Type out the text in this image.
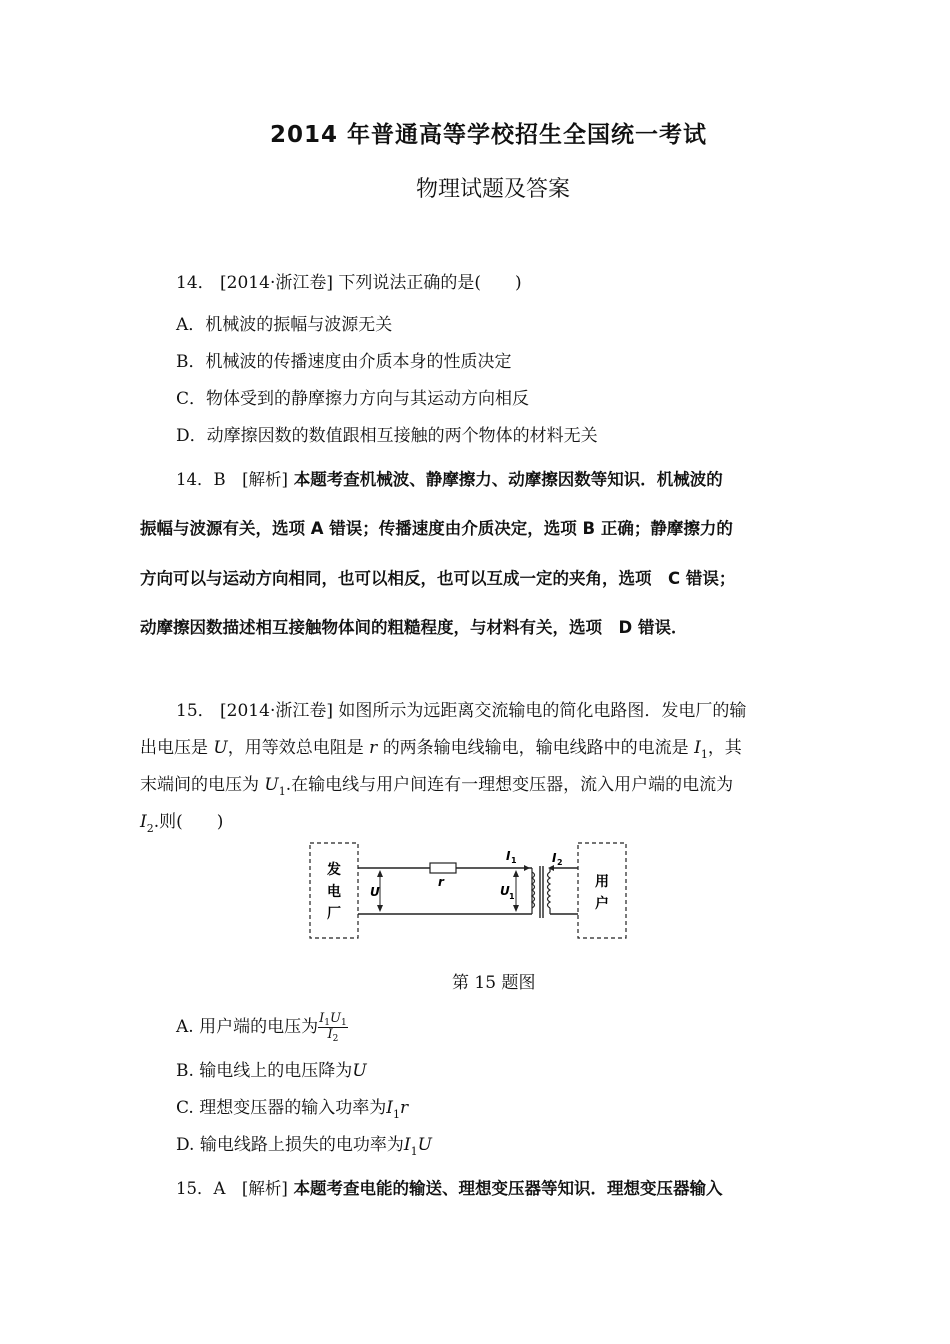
2014 年普通高等学校招生全国统一考试
物理试题及答案
14． [2014·浙江卷] 下列说法正确的是(　　)
A．机械波的振幅与波源无关
B．机械波的传播速度由介质本身的性质决定
C．物体受到的静摩擦力方向与其运动方向相反
D．动摩擦因数的数值跟相互接触的两个物体的材料无关
14．B　[解析] 本题考查机械波、静摩擦力、动摩擦因数等知识．机械波的
振幅与波源有关，选项 A 错误；传播速度由介质决定，选项 B 正确；静摩擦力的
方向可以与运动方向相同，也可以相反，也可以互成一定的夹角，选项　C 错误；
动摩擦因数描述相互接触物体间的粗糙程度，与材料有关，选项　D 错误．
15． [2014·浙江卷] 如图所示为远距离交流输电的简化电路图．发电厂的输
出电压是 U，用等效总电阻是 r 的两条输电线输电，输电线路中的电流是 $I_1$，其
末端间的电压为 $U_1$.在输电线与用户间连有一理想变压器，流入用户端的电流为
$I_2$.则(　　)
发
电
厂
用
户
r
U	U 1
I 1	I 2
第 15 题图
A. 用户端的电压为 $\frac{I_1U_1}{I_2}$
B. 输电线上的电压降为U
C. 理想变压器的输入功率为$I_1r$
D. 输电线路上损失的电功率为$I_1U$
15．A　[解析] 本题考查电能的输送、理想变压器等知识．理想变压器输入
